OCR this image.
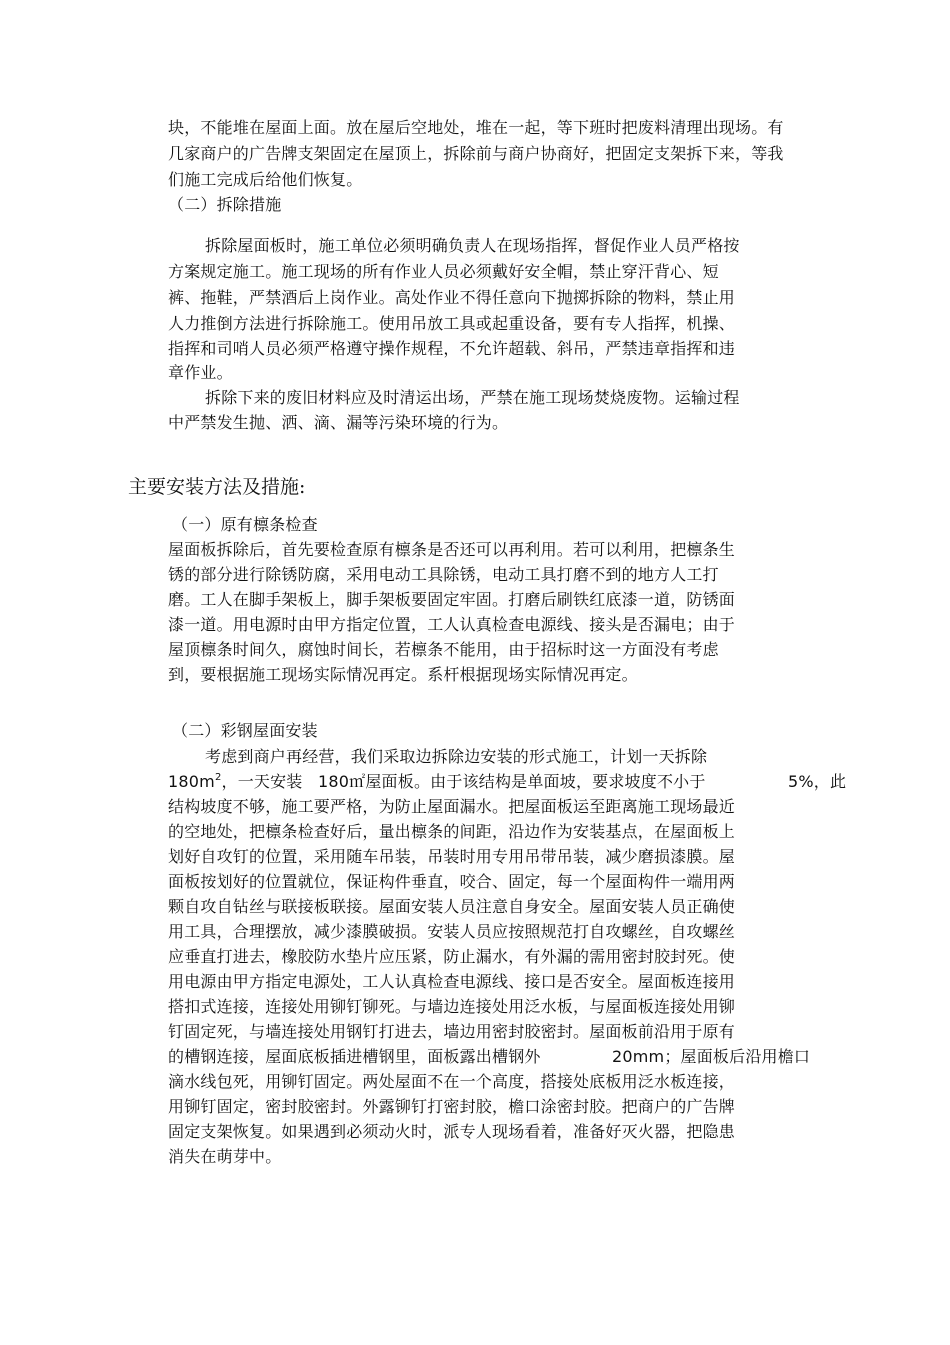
块，不能堆在屋面上面。放在屋后空地处，堆在一起，等下班时把废料清理出现场。有
几家商户的广告牌支架固定在屋顶上，拆除前与商户协商好，把固定支架拆下来，等我
们施工完成后给他们恢复。
（二）拆除措施
拆除屋面板时，施工单位必须明确负责人在现场指挥，督促作业人员严格按
方案规定施工。施工现场的所有作业人员必须戴好安全帽，禁止穿汗背心、短
裤、拖鞋，严禁酒后上岗作业。高处作业不得任意向下抛掷拆除的物料，禁止用
人力推倒方法进行拆除施工。使用吊放工具或起重设备，要有专人指挥，机操、
指挥和司哨人员必须严格遵守操作规程，不允许超载、斜吊，严禁违章指挥和违
章作业。
拆除下来的废旧材料应及时清运出场，严禁在施工现场焚烧废物。运输过程
中严禁发生抛、洒、滴、漏等污染环境的行为。
主要安装方法及措施:
（一）原有檩条检查
屋面板拆除后，首先要检查原有檩条是否还可以再利用。若可以利用，把檩条生
锈的部分进行除锈防腐，采用电动工具除锈，电动工具打磨不到的地方人工打
磨。工人在脚手架板上，脚手架板要固定牢固。打磨后刷铁红底漆一道，防锈面
漆一道。用电源时由甲方指定位置，工人认真检查电源线、接头是否漏电；由于
屋顶檩条时间久，腐蚀时间长，若檩条不能用，由于招标时这一方面没有考虑
到，要根据施工现场实际情况再定。系杆根据现场实际情况再定。
（二）彩钢屋面安装
考虑到商户再经营，我们采取边拆除边安装的形式施工，计划一天拆除
$180m^2$，一天安装 180㎡屋面板。由于该结构是单面坡，要求坡度不小于	5%，此
结构坡度不够，施工要严格，为防止屋面漏水。把屋面板运至距离施工现场最近
的空地处，把檩条检查好后，量出檩条的间距，沿边作为安装基点，在屋面板上
划好自攻钉的位置，采用随车吊装，吊装时用专用吊带吊装，减少磨损漆膜。屋
面板按划好的位置就位，保证构件垂直，咬合、固定，每一个屋面构件一端用两
颗自攻自钻丝与联接板联接。屋面安装人员注意自身安全。屋面安装人员正确使
用工具，合理摆放，减少漆膜破损。安装人员应按照规范打自攻螺丝，自攻螺丝
应垂直打进去，橡胶防水垫片应压紧，防止漏水，有外漏的需用密封胶封死。使
用电源由甲方指定电源处，工人认真检查电源线、接口是否安全。屋面板连接用
搭扣式连接，连接处用铆钉铆死。与墙边连接处用泛水板，与屋面板连接处用铆
钉固定死，与墙连接处用钢钉打进去，墙边用密封胶密封。屋面板前沿用于原有
的槽钢连接，屋面底板插进槽钢里，面板露出槽钢外	20mm；屋面板后沿用檐口
滴水线包死，用铆钉固定。两处屋面不在一个高度，搭接处底板用泛水板连接，
用铆钉固定，密封胶密封。外露铆钉打密封胶，檐口涂密封胶。把商户的广告牌
固定支架恢复。如果遇到必须动火时，派专人现场看着，准备好灭火器，把隐患
消失在萌芽中。
